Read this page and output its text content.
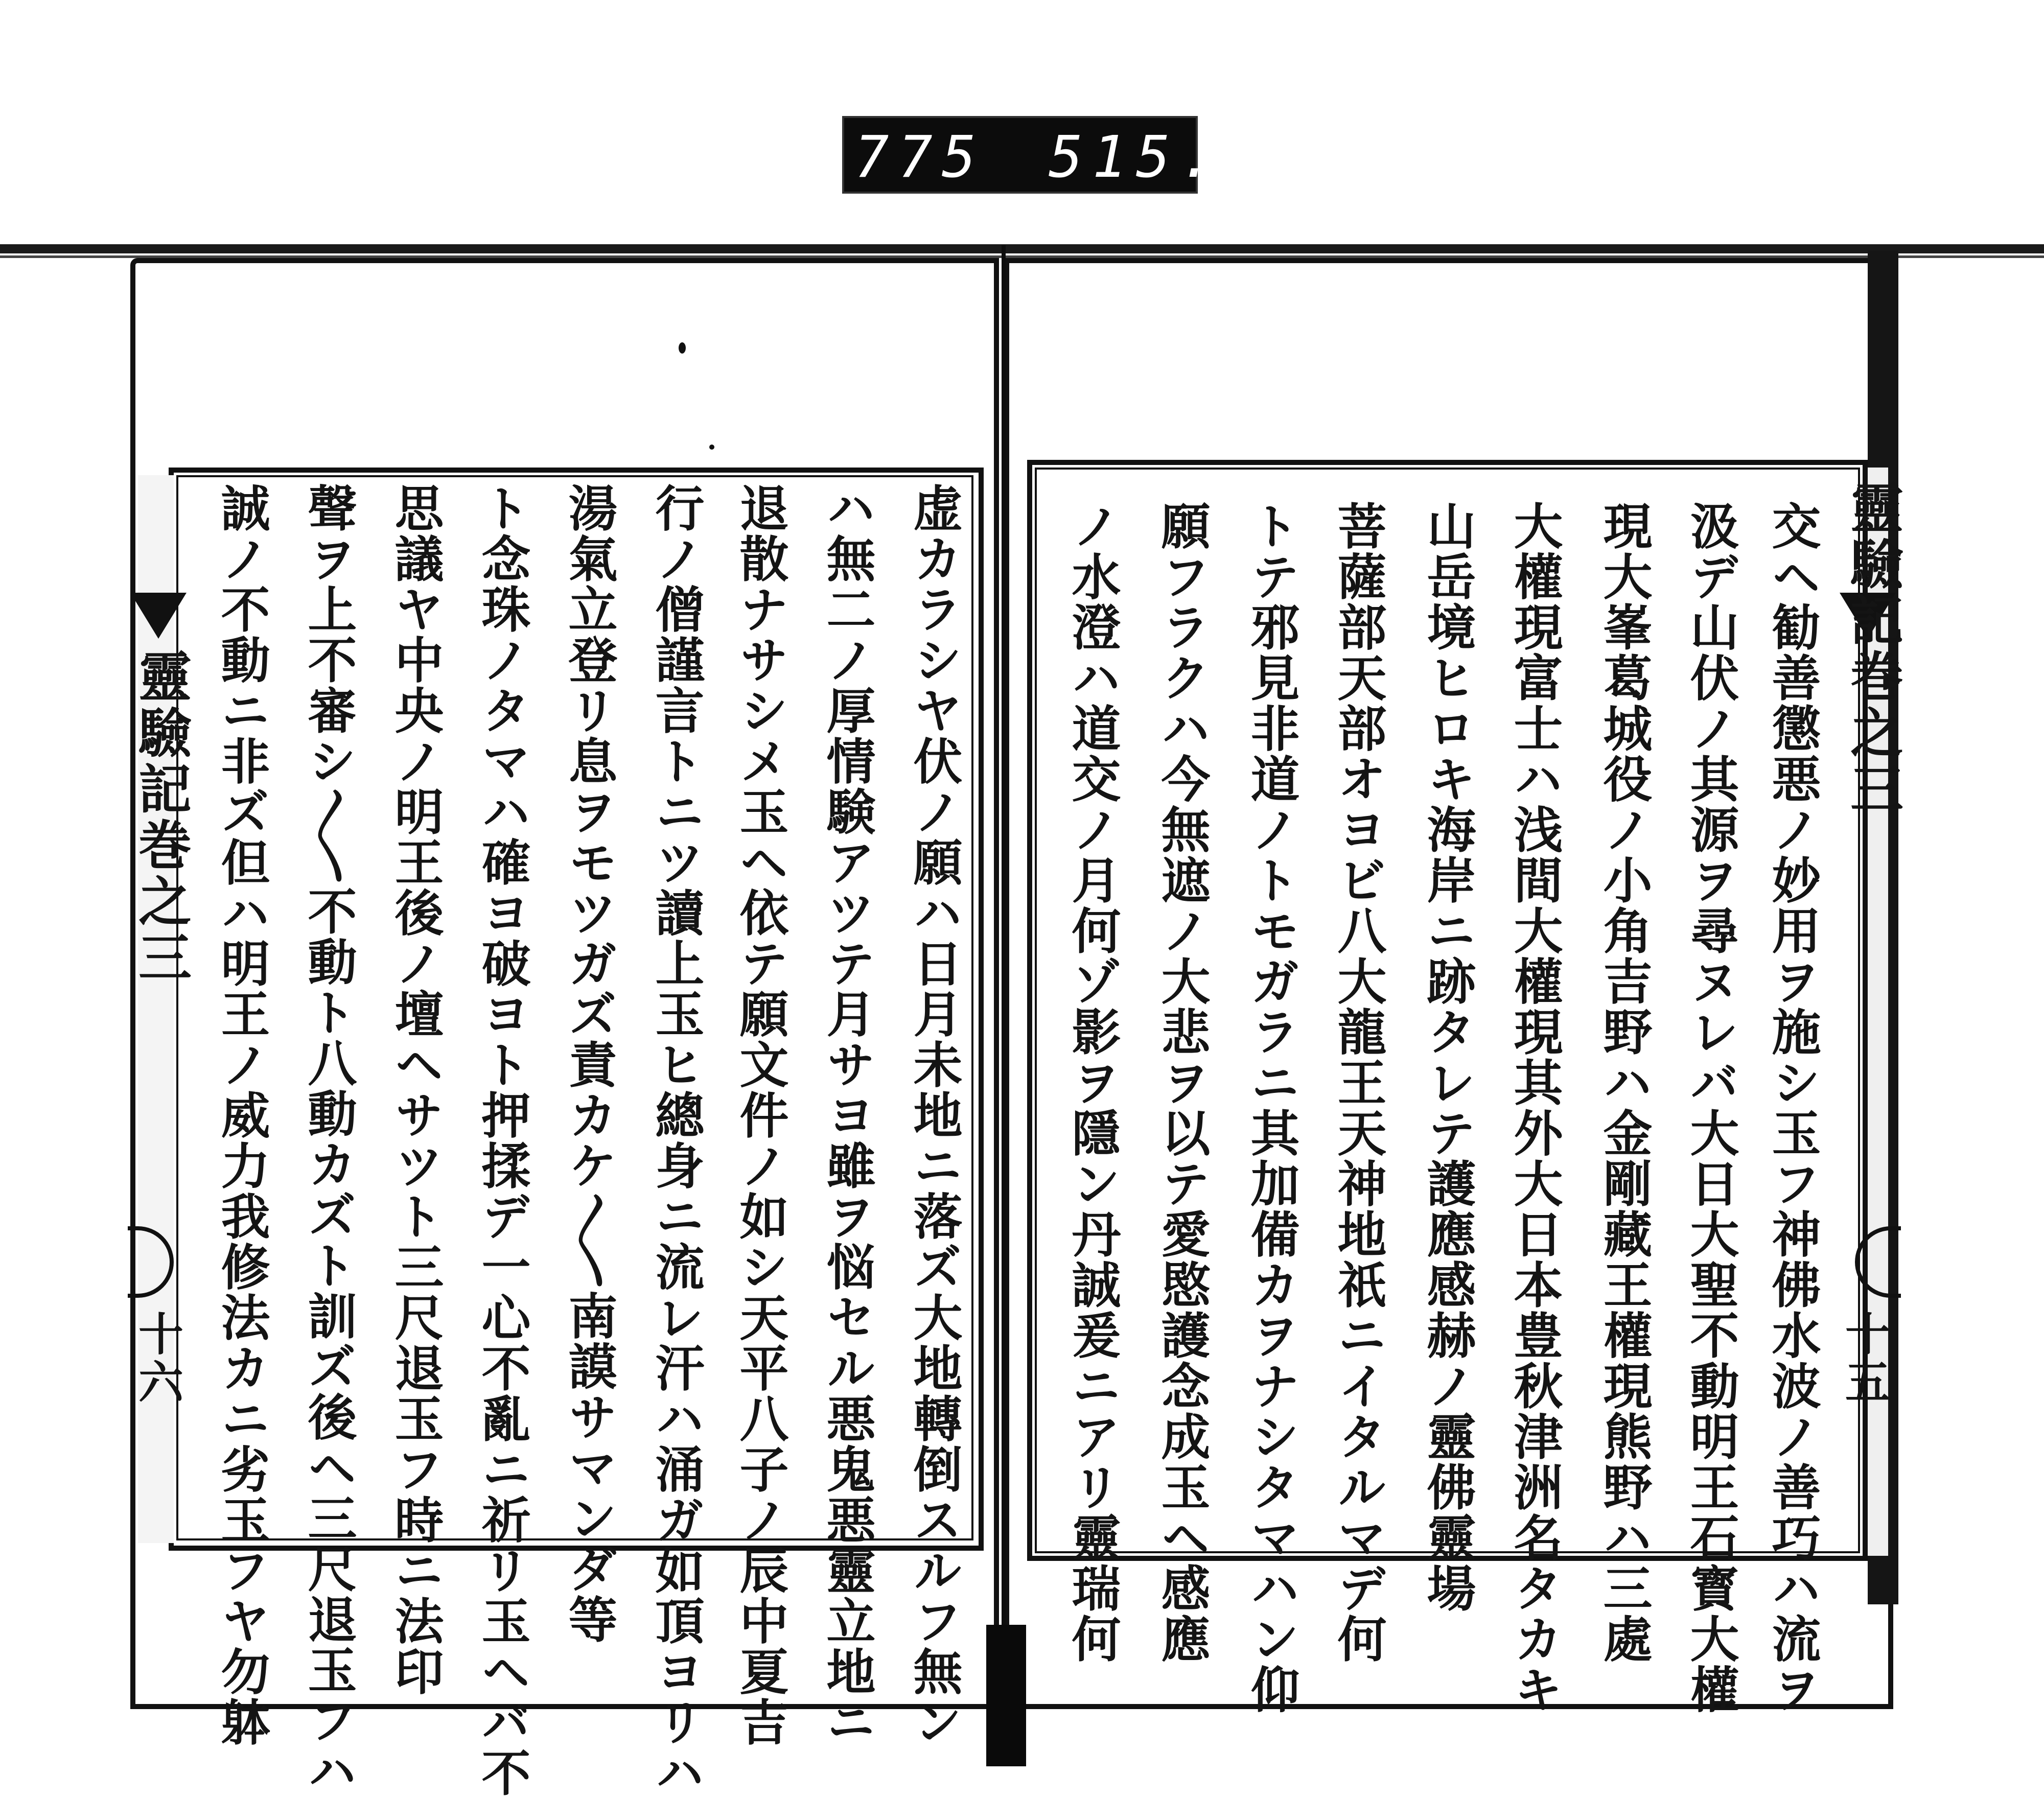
775 515.
靈驗記巻之三
十五
交ヘ勧善懲悪ノ妙用ヲ施シ玉フ神佛水波ノ善巧ハ流ヲ
汲デ山伏ノ其源ヲ尋ヌレバ大日大聖不動明王石寳大權
現大峯葛城役ノ小角吉野ハ金剛藏王權現熊野ハ三處
大權現富士ハ浅間大權現其外大日本豊秋津洲名タカキ
山岳境ヒロキ海岸ニ跡タレテ護應感赫ノ靈佛靈場
菩薩部天部オヨビ八大龍王天神地祇ニイタルマデ何
トテ邪見非道ノトモガラニ其加備カヲナシタマハン仰
願フラクハ今無遮ノ大悲ヲ以テ愛愍護念成玉ヘ感應
ノ水澄ハ道交ノ月何ゾ影ヲ隱ン丹誠爰ニアリ靈瑞何
靈驗記巻之三
十六	虚カラシヤ伏ノ願ハ日月未地ニ落ズ大地轉倒スルフ無ン
ハ無二ノ厚情験アツテ月サヨ雖ヲ悩セル悪鬼悪靈立地ニ
退散ナサシメ玉ヘ依テ願文件ノ如シ天平八子ノ辰中夏吉
行ノ僧謹言トニツ讀上玉ヒ總身ニ流レ汗ハ涌ガ如頂ヨリハ
湯氣立登リ息ヲモツガズ責カケ〳〵南謨サマンダ等
ト念珠ノタマハ確ヨ破ヨト押揉デ一心不亂ニ祈リ玉ヘバ不
思議ヤ中央ノ明王後ノ壇ヘサツト三尺退玉フ時ニ法印
聲ヲ上不審シ〳〵不動ト八動カズト訓ズ後ヘ三尺退玉フハ
誠ノ不動ニ非ズ但ハ明王ノ威力我修法カニ劣玉フヤ勿躰
